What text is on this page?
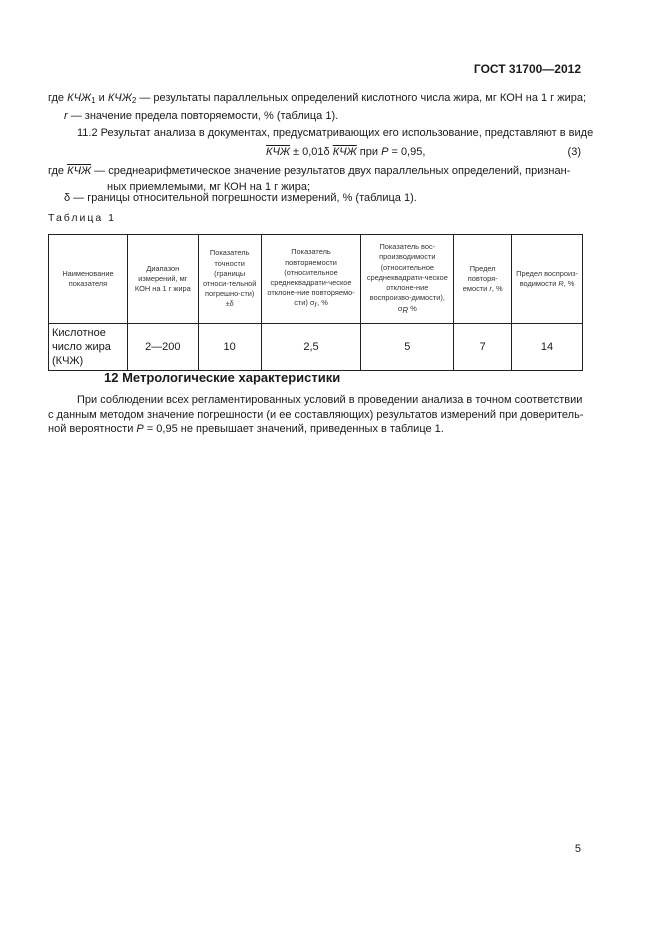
ГОСТ 31700—2012
где $КЧЖ_1$ и $КЧЖ_2$ — результаты параллельных определений кислотного числа жира, мг КОН на 1 г жира;
r — значение предела повторяемости, % (таблица 1).
11.2 Результат анализа в документах, предусматривающих его использование, представляют в виде
КЧЖ ± 0,01δ КЧЖ при P = 0,95,	(3)
где КЧЖ — среднеарифметическое значение результатов двух параллельных определений, признан-
ных приемлемыми, мг КОН на 1 г жира;
δ — границы относительной погрешности измерений, % (таблица 1).
Таблица 1
Наименование показателя	Диапазон измерений, мг КОН на 1 г жира	Показатель точности (границы относи-тельной погрешно-сти) ±δ	Показатель повторяемости (относительное среднеквадрати-ческое отклоне-ние повторяемо-сти) σr, %	Показатель вос-производимости (относительное среднеквадрати-ческое отклоне-ние воспроизво-димости), σR %	Предел повторя-емости r, %	Предел воспроиз-водимости R, %
Кислотное число жира (КЧЖ)	2—200	10	2,5	5	7	14
12 Метрологические характеристики
При соблюдении всех регламентированных условий в проведении анализа в точном соответствии
с данным методом значение погрешности (и ее составляющих) результатов измерений при доверитель-
ной вероятности P = 0,95 не превышает значений, приведенных в таблице 1.
5
